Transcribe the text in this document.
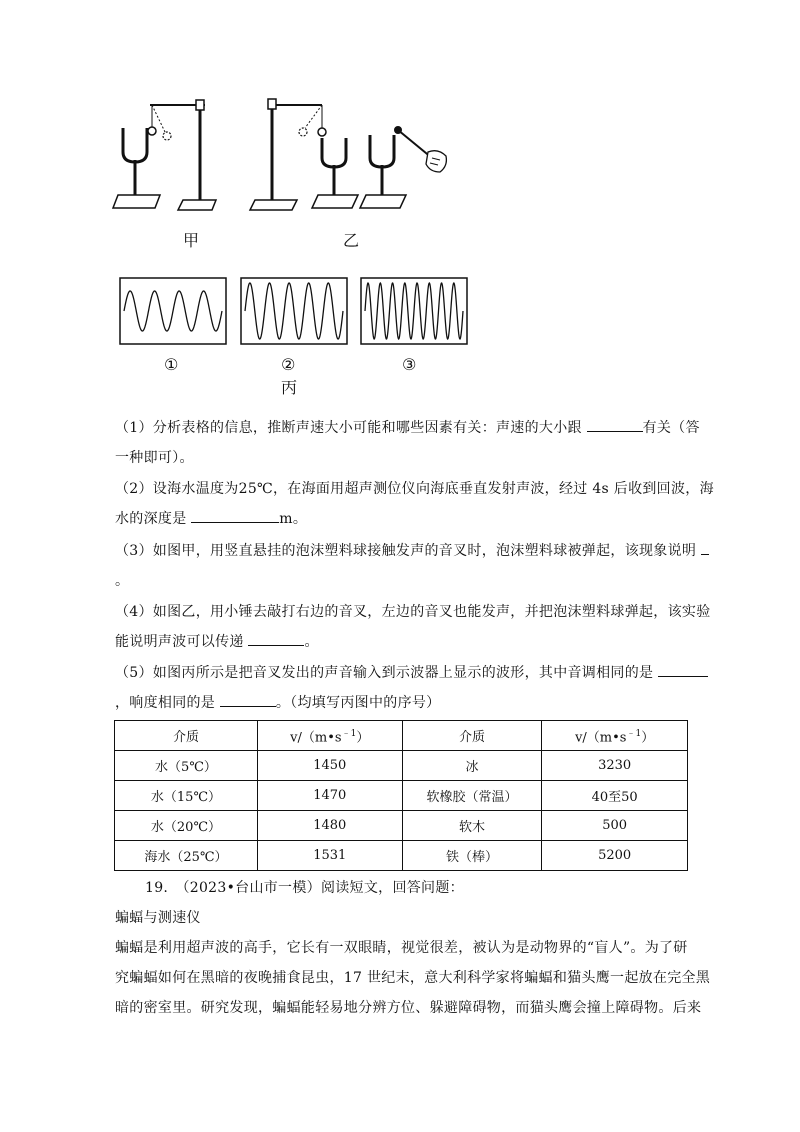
甲	乙
①	②	③
丙
（1）分析表格的信息，推断声速大小可能和哪些因素有关：声速的大小跟	有关（答
一种即可）。
（2）设海水温度为25℃，在海面用超声测位仪向海底垂直发射声波，经过 4s 后收到回波，海
水的深度是	m。
（3）如图甲，用竖直悬挂的泡沫塑料球接触发声的音叉时，泡沫塑料球被弹起，该现象说明
。
（4）如图乙，用小锤去敲打右边的音叉，左边的音叉也能发声，并把泡沫塑料球弹起，该实验
能说明声波可以传递	。
（5）如图丙所示是把音叉发出的声音输入到示波器上显示的波形，其中音调相同的是
，响度相同的是	。（均填写丙图中的序号）
介质	$v/(m•s^{﹣1})$	介质	$v/(m•s^{﹣1})$
水（5℃）	1450	冰	3230
水（15℃）	1470	软橡胶（常温）	40至50
水（20℃）	1480	软木	500
海水（25℃）	1531	铁（棒）	5200
19.　（2023•台山市一模）阅读短文，回答问题：
蝙蝠与测速仪
蝙蝠是利用超声波的高手，它长有一双眼睛，视觉很差，被认为是动物界的“盲人”。为了研
究蝙蝠如何在黑暗的夜晚捕食昆虫，17 世纪末，意大利科学家将蝙蝠和猫头鹰一起放在完全黑
暗的密室里。研究发现，蝙蝠能轻易地分辨方位、躲避障碍物，而猫头鹰会撞上障碍物。后来
